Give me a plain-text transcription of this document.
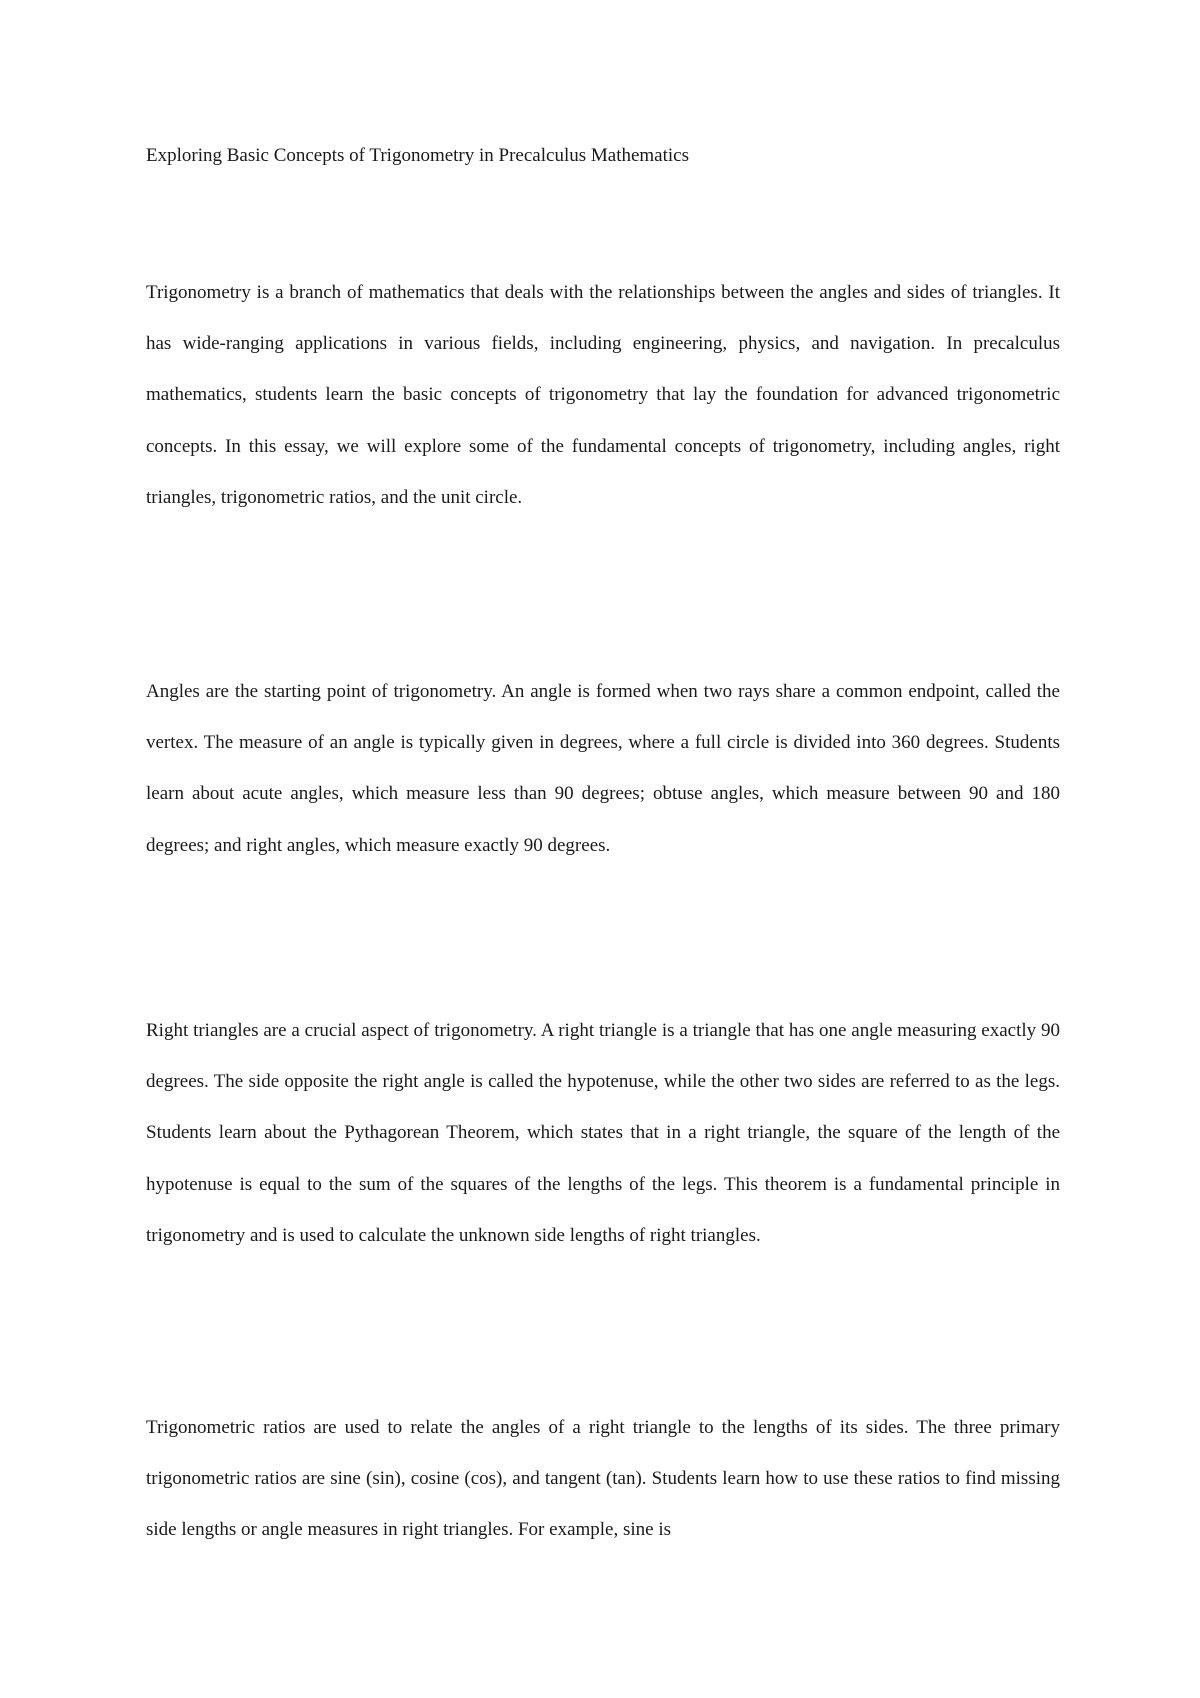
Exploring Basic Concepts of Trigonometry in Precalculus Mathematics

Trigonometry is a branch of mathematics that deals with the relationships between the angles and sides of triangles. It has wide-ranging applications in various fields, including engineering, physics, and navigation. In precalculus mathematics, students learn the basic concepts of trigonometry that lay the foundation for advanced trigonometric concepts. In this essay, we will explore some of the fundamental concepts of trigonometry, including angles, right triangles, trigonometric ratios, and the unit circle.

Angles are the starting point of trigonometry. An angle is formed when two rays share a common endpoint, called the vertex. The measure of an angle is typically given in degrees, where a full circle is divided into 360 degrees. Students learn about acute angles, which measure less than 90 degrees; obtuse angles, which measure between 90 and 180 degrees; and right angles, which measure exactly 90 degrees.

Right triangles are a crucial aspect of trigonometry. A right triangle is a triangle that has one angle measuring exactly 90 degrees. The side opposite the right angle is called the hypotenuse, while the other two sides are referred to as the legs. Students learn about the Pythagorean Theorem, which states that in a right triangle, the square of the length of the hypotenuse is equal to the sum of the squares of the lengths of the legs. This theorem is a fundamental principle in trigonometry and is used to calculate the unknown side lengths of right triangles.

Trigonometric ratios are used to relate the angles of a right triangle to the lengths of its sides. The three primary trigonometric ratios are sine (sin), cosine (cos), and tangent (tan). Students learn how to use these ratios to find missing side lengths or angle measures in right triangles. For example, sine is
